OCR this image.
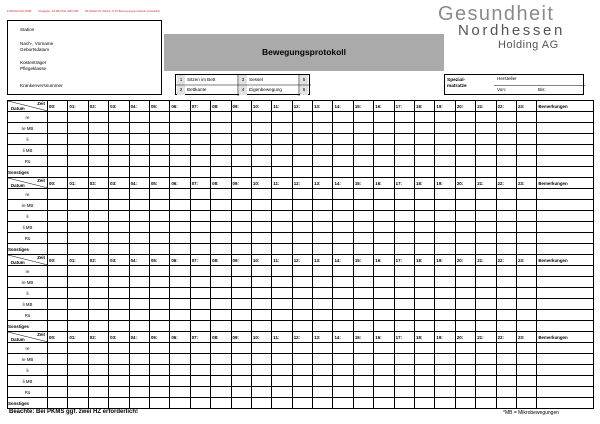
FORMULAR 0008 Freigabe: 19.08.2011 ABC/SB MUSKELTO 00/0/1.1715 Bewegungsprotokoll (Lasebild)
Station
Nach-, Vorname
Geburtsdatum
Kostenträger
Pflegeklasse
Krankenversnummer
Gesundheit
Nordhessen
Holding AG
Bewegungsprotokoll
1	Sitzen im Bett	3	Sessel	5
2	Bettkante	4	Eigenbewegung	6
Spezial-
matratze
Hersteller
Von:	Bis:
Zeit
Datum	00:	01:	02:	03:	04:	05:	06:	07:	08:	09:	10:	11:	12:	13:	14:	15:	16:	17:	18:	19:	20:	21:	22:	23:	Bemerkungen
re																									
re MB																									
li																									
li MB																									
Rü																									
Sonstiges																									
Zeit
Datum	00:	01:	02:	03:	04:	05:	06:	07:	08:	09:	10:	11:	12:	13:	14:	15:	16:	17:	18:	19:	20:	21:	22:	23:	Bemerkungen
re																									
re MB																									
li																									
li MB																									
Rü																									
Sonstiges																									
Zeit
Datum	00:	01:	02:	03:	04:	05:	06:	07:	08:	09:	10:	11:	12:	13:	14:	15:	16:	17:	18:	19:	20:	21:	22:	23:	Bemerkungen
re																									
re MB																									
li																									
li MB																									
Rü																									
Sonstiges																									
Zeit
Datum	00:	01:	02:	03:	04:	05:	06:	07:	08:	09:	10:	11:	12:	13:	14:	15:	16:	17:	18:	19:	20:	21:	22:	23:	Bemerkungen
re																									
re MB																									
li																									
li MB																									
Rü																									
Sonstiges																									
Beachte: Bei PKMS ggf. zwei HZ erforderlich!	*MB = Mikrobewegungen
